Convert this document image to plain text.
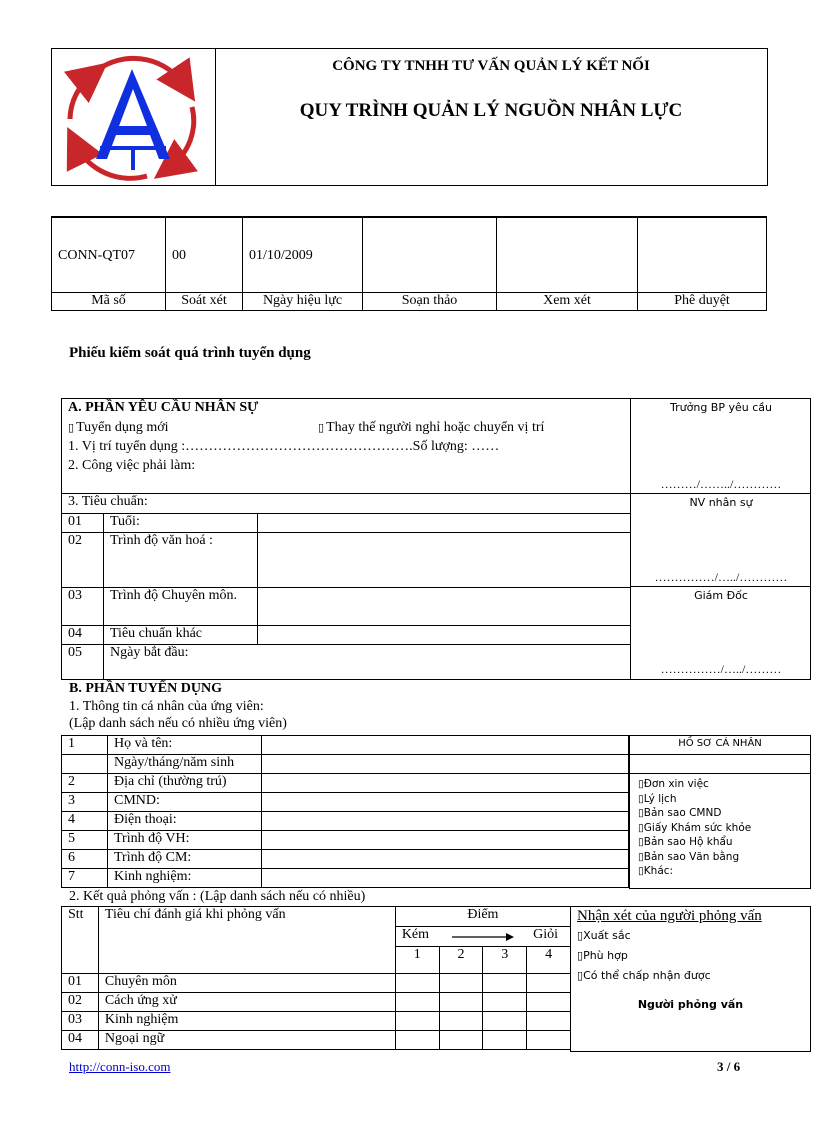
CÔNG TY TNHH TƯ VẤN QUẢN LÝ KẾT NỐI
QUY TRÌNH QUẢN LÝ NGUỒN NHÂN LỰC
CONN-QT07	00	01/10/2009			
Mã số	Soát xét	Ngày hiệu lực	Soạn thảo	Xem xét	Phê duyệt
Phiếu kiểm soát quá trình tuyển dụng
Trưởng BP yêu cầu
………/……../…………
NV nhân sự
……………/…../…………
Giám Đốc
……………/…../………
A. PHẦN YÊU CẦU NHÂN SỰ
▯ Tuyển dụng mới	▯ Thay thế người nghỉ hoặc chuyển vị trí
1. Vị trí tuyển dụng :………………………………………….Số lượng: ……
2. Công việc phải làm:
3. Tiêu chuẩn:
01	Tuổi:	
02	Trình độ văn hoá :	
03	Trình độ Chuyên môn.	
04	Tiêu chuẩn khác	
05	Ngày bắt đầu:	
B. PHẦN TUYỂN DỤNG
1. Thông tin cá nhân của ứng viên:
(Lập danh sách nếu có nhiều ứng viên)
1	Họ và tên:	
	Ngày/tháng/năm sinh	
2	Địa chỉ (thường trú)	
3	CMND:	
4	Điện thoại:	
5	Trình độ VH:	
6	Trình độ CM:	
7	Kinh nghiệm:	
HỒ SƠ CÁ NHÂN
▯Đơn xin việc
▯Lý lịch
▯Bản sao CMND
▯Giấy Khám sức khỏe
▯Bản sao Hộ khẩu
▯Bản sao Văn bằng
▯Khác:
2. Kết quả phỏng vấn : (Lập danh sách nếu có nhiều)
Stt	Tiêu chí đánh giá khi phỏng vấn	Điểm			
		Kém Giỏi			

		1	2	3	4
01	Chuyên môn				
02	Cách ứng xử				
03	Kinh nghiệm				
04	Ngoại ngữ				
Nhận xét của người phỏng vấn
▯Xuất sắc
▯Phù hợp
▯Có thể chấp nhận được
Người phỏng vấn
http://conn-iso.com	3 / 6
